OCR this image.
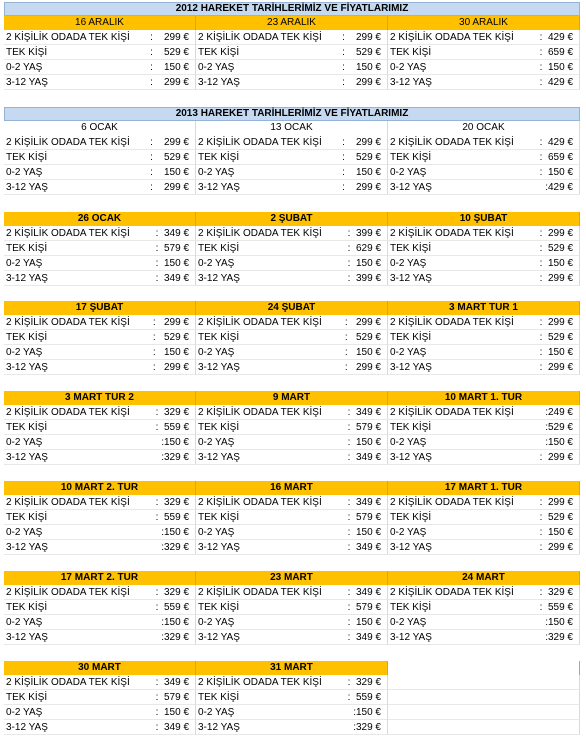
2012 HAREKET TARİHLERİMİZ VE FİYATLARIMIZ
2013 HAREKET TARİHLERİMİZ VE FİYATLARIMIZ
16 ARALIK	23 ARALIK	30 ARALIK
2 KİŞİLİK ODADA TEK KİŞİ :    299 € 2 KİŞİLİK ODADA TEK KİŞİ :    299 € 2 KİŞİLİK ODADA TEK KİŞİ	:  429 €
TEK KİŞİ	:    529 € TEK KİŞİ	:    529 € TEK KİŞİ	:  659 €
0-2 YAŞ	:    150 € 0-2 YAŞ	:    150 € 0-2 YAŞ	:  150 €
3-12 YAŞ	:    299 € 3-12 YAŞ	:    299 € 3-12 YAŞ	:  429 €
6 OCAK	13 OCAK	20 OCAK
2 KİŞİLİK ODADA TEK KİŞİ :    299 € 2 KİŞİLİK ODADA TEK KİŞİ :    299 € 2 KİŞİLİK ODADA TEK KİŞİ	:  429 €
TEK KİŞİ	:    529 € TEK KİŞİ	:    529 € TEK KİŞİ	:  659 €
0-2 YAŞ	:    150 € 0-2 YAŞ	:    150 € 0-2 YAŞ	:  150 €
3-12 YAŞ	:    299 € 3-12 YAŞ	:    299 € 3-12 YAŞ	:429 €
26 OCAK	2 ŞUBAT	10 ŞUBAT
2 KİŞİLİK ODADA TEK KİŞİ	:  349 € 2 KİŞİLİK ODADA TEK KİŞİ	:  399 € 2 KİŞİLİK ODADA TEK KİŞİ	:  299 €
TEK KİŞİ	:  579 € TEK KİŞİ	:  629 € TEK KİŞİ	:  529 €
0-2 YAŞ	:  150 € 0-2 YAŞ	:  150 € 0-2 YAŞ	:  150 €
3-12 YAŞ	:  349 € 3-12 YAŞ	:  399 € 3-12 YAŞ	:  299 €
17 ŞUBAT	24 ŞUBAT	3 MART TUR 1
2 KİŞİLİK ODADA TEK KİŞİ :   299 € 2 KİŞİLİK ODADA TEK KİŞİ :   299 € 2 KİŞİLİK ODADA TEK KİŞİ	:  299 €
TEK KİŞİ	:   529 € TEK KİŞİ	:   529 € TEK KİŞİ	:  529 €
0-2 YAŞ	:   150 € 0-2 YAŞ	:   150 € 0-2 YAŞ	:  150 €
3-12 YAŞ	:   299 € 3-12 YAŞ	:   299 € 3-12 YAŞ	:  299 €
3 MART TUR 2	9 MART	10 MART 1. TUR
2 KİŞİLİK ODADA TEK KİŞİ	:  329 € 2 KİŞİLİK ODADA TEK KİŞİ	:  349 € 2 KİŞİLİK ODADA TEK KİŞİ	:249 €
TEK KİŞİ	:  559 € TEK KİŞİ	:  579 € TEK KİŞİ	:529 €
0-2 YAŞ	:150 € 0-2 YAŞ	:  150 € 0-2 YAŞ	:150 €
3-12 YAŞ	:329 € 3-12 YAŞ	:  349 € 3-12 YAŞ	:  299 €
10 MART 2. TUR	16 MART	17 MART 1. TUR
2 KİŞİLİK ODADA TEK KİŞİ	:  329 € 2 KİŞİLİK ODADA TEK KİŞİ	:  349 € 2 KİŞİLİK ODADA TEK KİŞİ	:  299 €
TEK KİŞİ	:  559 € TEK KİŞİ	:  579 € TEK KİŞİ	:  529 €
0-2 YAŞ	:150 € 0-2 YAŞ	:  150 € 0-2 YAŞ	:  150 €
3-12 YAŞ	:329 € 3-12 YAŞ	:  349 € 3-12 YAŞ	:  299 €
17 MART 2. TUR	23 MART	24 MART
2 KİŞİLİK ODADA TEK KİŞİ	:  329 € 2 KİŞİLİK ODADA TEK KİŞİ	:  349 € 2 KİŞİLİK ODADA TEK KİŞİ	:  329 €
TEK KİŞİ	:  559 € TEK KİŞİ	:  579 € TEK KİŞİ	:  559 €
0-2 YAŞ	:150 € 0-2 YAŞ	:  150 € 0-2 YAŞ	:150 €
3-12 YAŞ	:329 € 3-12 YAŞ	:  349 € 3-12 YAŞ	:329 €
30 MART	31 MART
2 KİŞİLİK ODADA TEK KİŞİ	:  349 € 2 KİŞİLİK ODADA TEK KİŞİ	:  329 €
TEK KİŞİ	:  579 € TEK KİŞİ	:  559 €
0-2 YAŞ	:  150 € 0-2 YAŞ	:150 €
3-12 YAŞ	:  349 € 3-12 YAŞ	:329 €
